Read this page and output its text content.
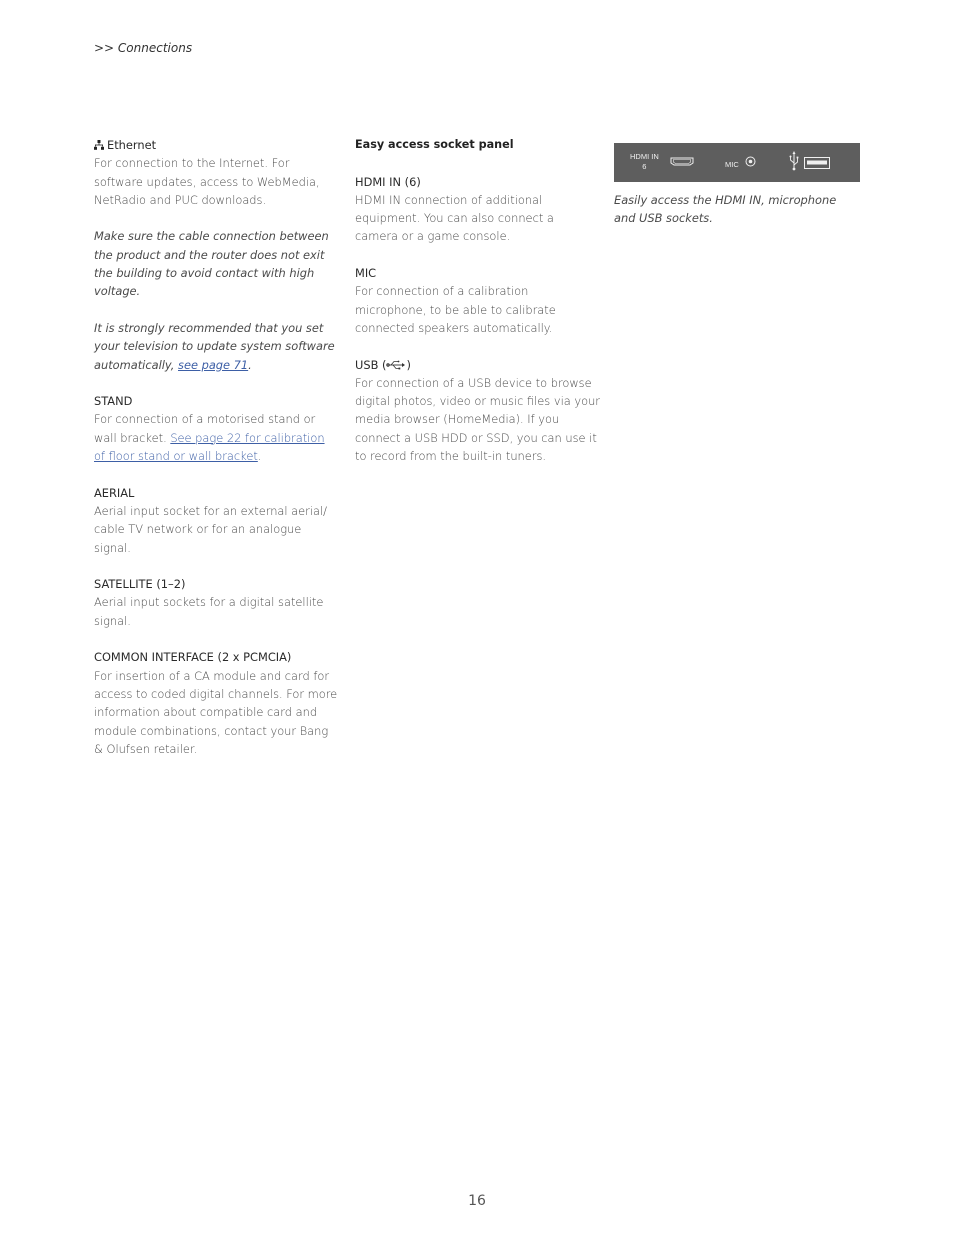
>> Connections

Ethernet
For connection to the Internet. For software updates, access to WebMedia, NetRadio and PUC downloads.

Make sure the cable connection between the product and the router does not exit the building to avoid contact with high voltage.

It is strongly recommended that you set your television to update system software automatically, see page 71.

STAND
For connection of a motorised stand or wall bracket. See page 22 for calibration of floor stand or wall bracket.

AERIAL
Aerial input socket for an external aerial/ cable TV network or for an analogue signal.

SATELLITE (1–2)
Aerial input sockets for a digital satellite signal.

COMMON INTERFACE (2 x PCMCIA)
For insertion of a CA module and card for access to coded digital channels. For more information about compatible card and module combinations, contact your Bang & Olufsen retailer.

Easy access socket panel

HDMI IN (6)
HDMI IN connection of additional equipment. You can also connect a camera or a game console.

MIC
For connection of a calibration microphone, to be able to calibrate connected speakers automatically.

USB ( )
For connection of a USB device to browse digital photos, video or music files via your media browser (HomeMedia). If you connect a USB HDD or SSD, you can use it to record from the built-in tuners.

HDMI IN
6	MIC
Easily access the HDMI IN, microphone and USB sockets.
16
